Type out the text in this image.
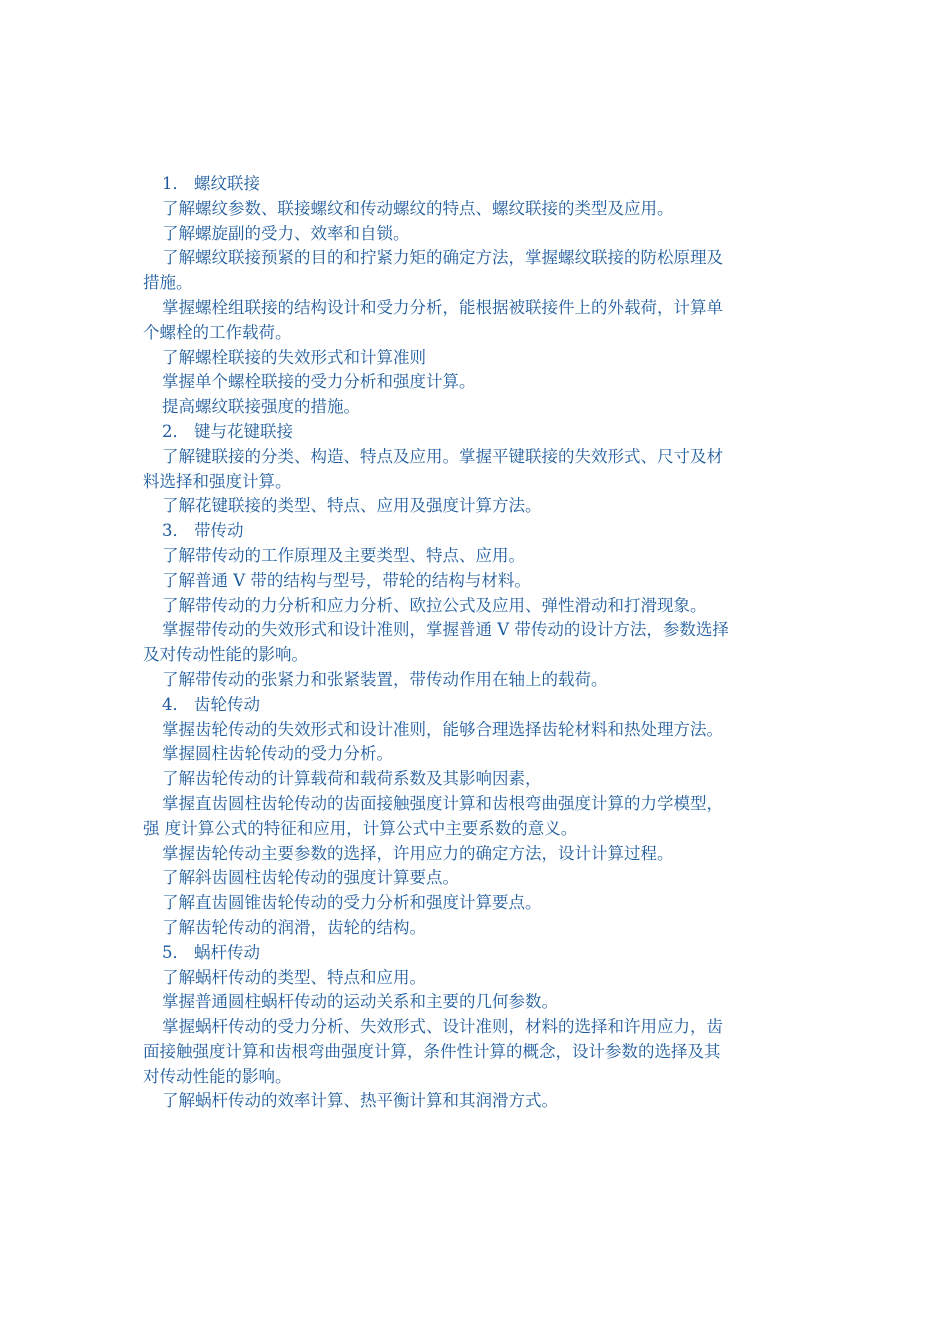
1． 螺纹联接
了解螺纹参数、联接螺纹和传动螺纹的特点、螺纹联接的类型及应用。
了解螺旋副的受力、效率和自锁。
了解螺纹联接预紧的目的和拧紧力矩的确定方法，掌握螺纹联接的防松原理及措施。
掌握螺栓组联接的结构设计和受力分析，能根据被联接件上的外载荷，计算单个螺栓的工作载荷。
了解螺栓联接的失效形式和计算准则
掌握单个螺栓联接的受力分析和强度计算。
提高螺纹联接强度的措施。
2． 键与花键联接
了解键联接的分类、构造、特点及应用。掌握平键联接的失效形式、尺寸及材料选择和强度计算。
了解花键联接的类型、特点、应用及强度计算方法。
3． 带传动
了解带传动的工作原理及主要类型、特点、应用。
了解普通 V 带的结构与型号，带轮的结构与材料。
了解带传动的力分析和应力分析、欧拉公式及应用、弹性滑动和打滑现象。
掌握带传动的失效形式和设计准则，掌握普通 V 带传动的设计方法，参数选择及对传动性能的影响。
了解带传动的张紧力和张紧装置，带传动作用在轴上的载荷。
4． 齿轮传动
掌握齿轮传动的失效形式和设计准则，能够合理选择齿轮材料和热处理方法。
掌握圆柱齿轮传动的受力分析。
了解齿轮传动的计算载荷和载荷系数及其影响因素，
掌握直齿圆柱齿轮传动的齿面接触强度计算和齿根弯曲强度计算的力学模型，强 度计算公式的特征和应用，计算公式中主要系数的意义。
掌握齿轮传动主要参数的选择，许用应力的确定方法，设计计算过程。
了解斜齿圆柱齿轮传动的强度计算要点。
了解直齿圆锥齿轮传动的受力分析和强度计算要点。
了解齿轮传动的润滑，齿轮的结构。
5． 蜗杆传动
了解蜗杆传动的类型、特点和应用。
掌握普通圆柱蜗杆传动的运动关系和主要的几何参数。
掌握蜗杆传动的受力分析、失效形式、设计准则，材料的选择和许用应力，齿面接触强度计算和齿根弯曲强度计算，条件性计算的概念，设计参数的选择及其对传动性能的影响。
了解蜗杆传动的效率计算、热平衡计算和其润滑方式。
